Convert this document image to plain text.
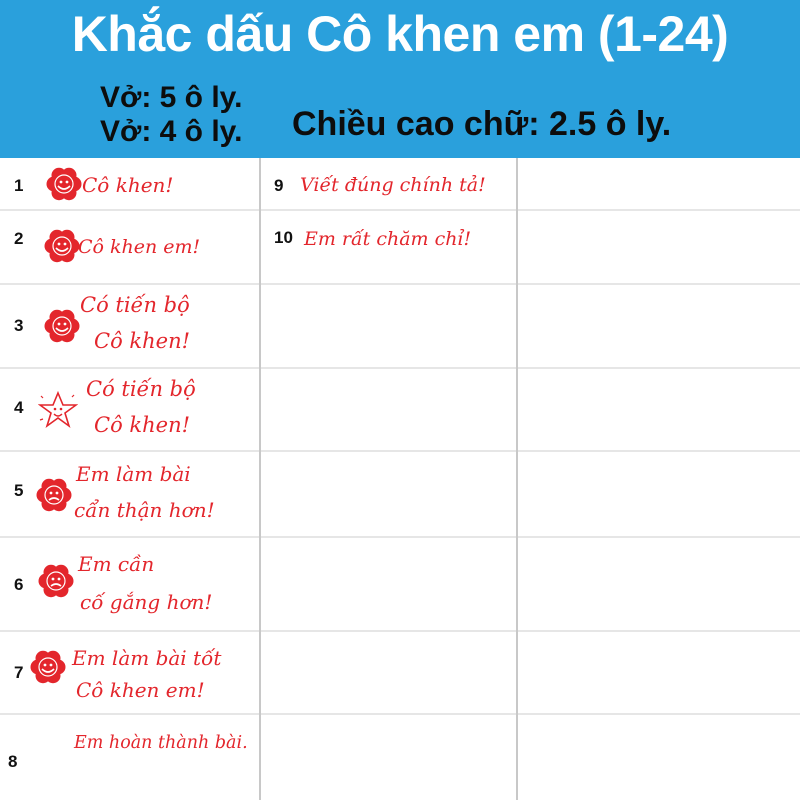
Khắc dấu Cô khen em (1-24)
Vở: 5 ô ly.
Vở: 4 ô ly. Chiều cao chữ: 2.5 ô ly.
1	Cô khen!
2	Cô khen em!
3
Có tiến bộ
Cô khen!
4
Có tiến bộ
Cô khen!
5
Em làm bài
cẩn thận hơn!
6
Em cần
cố gắng hơn!
7
Em làm bài tốt
Cô khen em!
8
Em hoàn thành bài.
9 Viết đúng chính tả!
10 Em rất chăm chỉ!
